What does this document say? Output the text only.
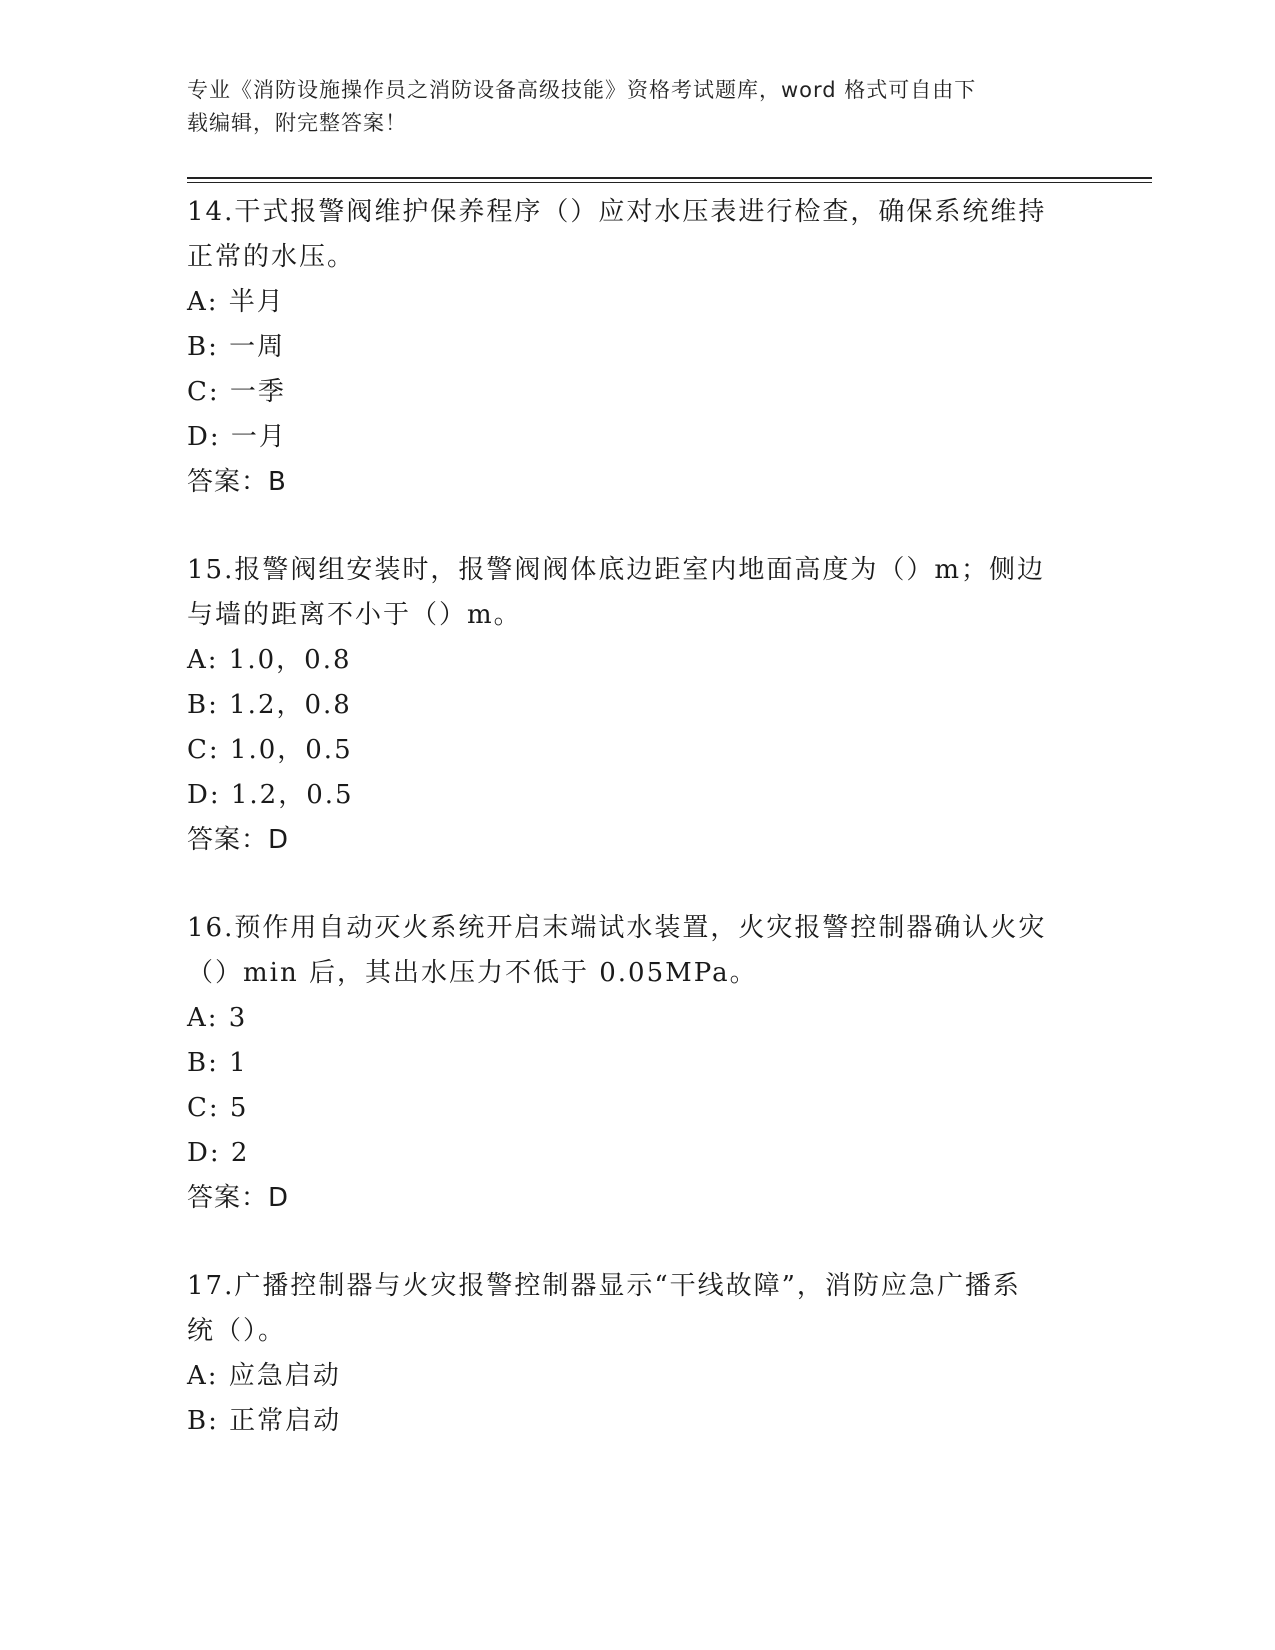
专业《消防设施操作员之消防设备高级技能》资格考试题库，word 格式可自由下
载编辑，附完整答案！
14.干式报警阀维护保养程序（）应对水压表进行检查，确保系统维持
正常的水压。
A: 半月
B: 一周
C: 一季
D: 一月
答案：B
15.报警阀组安装时，报警阀阀体底边距室内地面高度为（）m；侧边
与墙的距离不小于（）m。
A: 1.0，0.8
B: 1.2，0.8
C: 1.0，0.5
D: 1.2，0.5
答案：D
16.预作用自动灭火系统开启末端试水装置，火灾报警控制器确认火灾
（）min 后，其出水压力不低于 0.05MPa。
A: 3
B: 1
C: 5
D: 2
答案：D
17.广播控制器与火灾报警控制器显示“干线故障”，消防应急广播系
统（）。
A: 应急启动
B: 正常启动
